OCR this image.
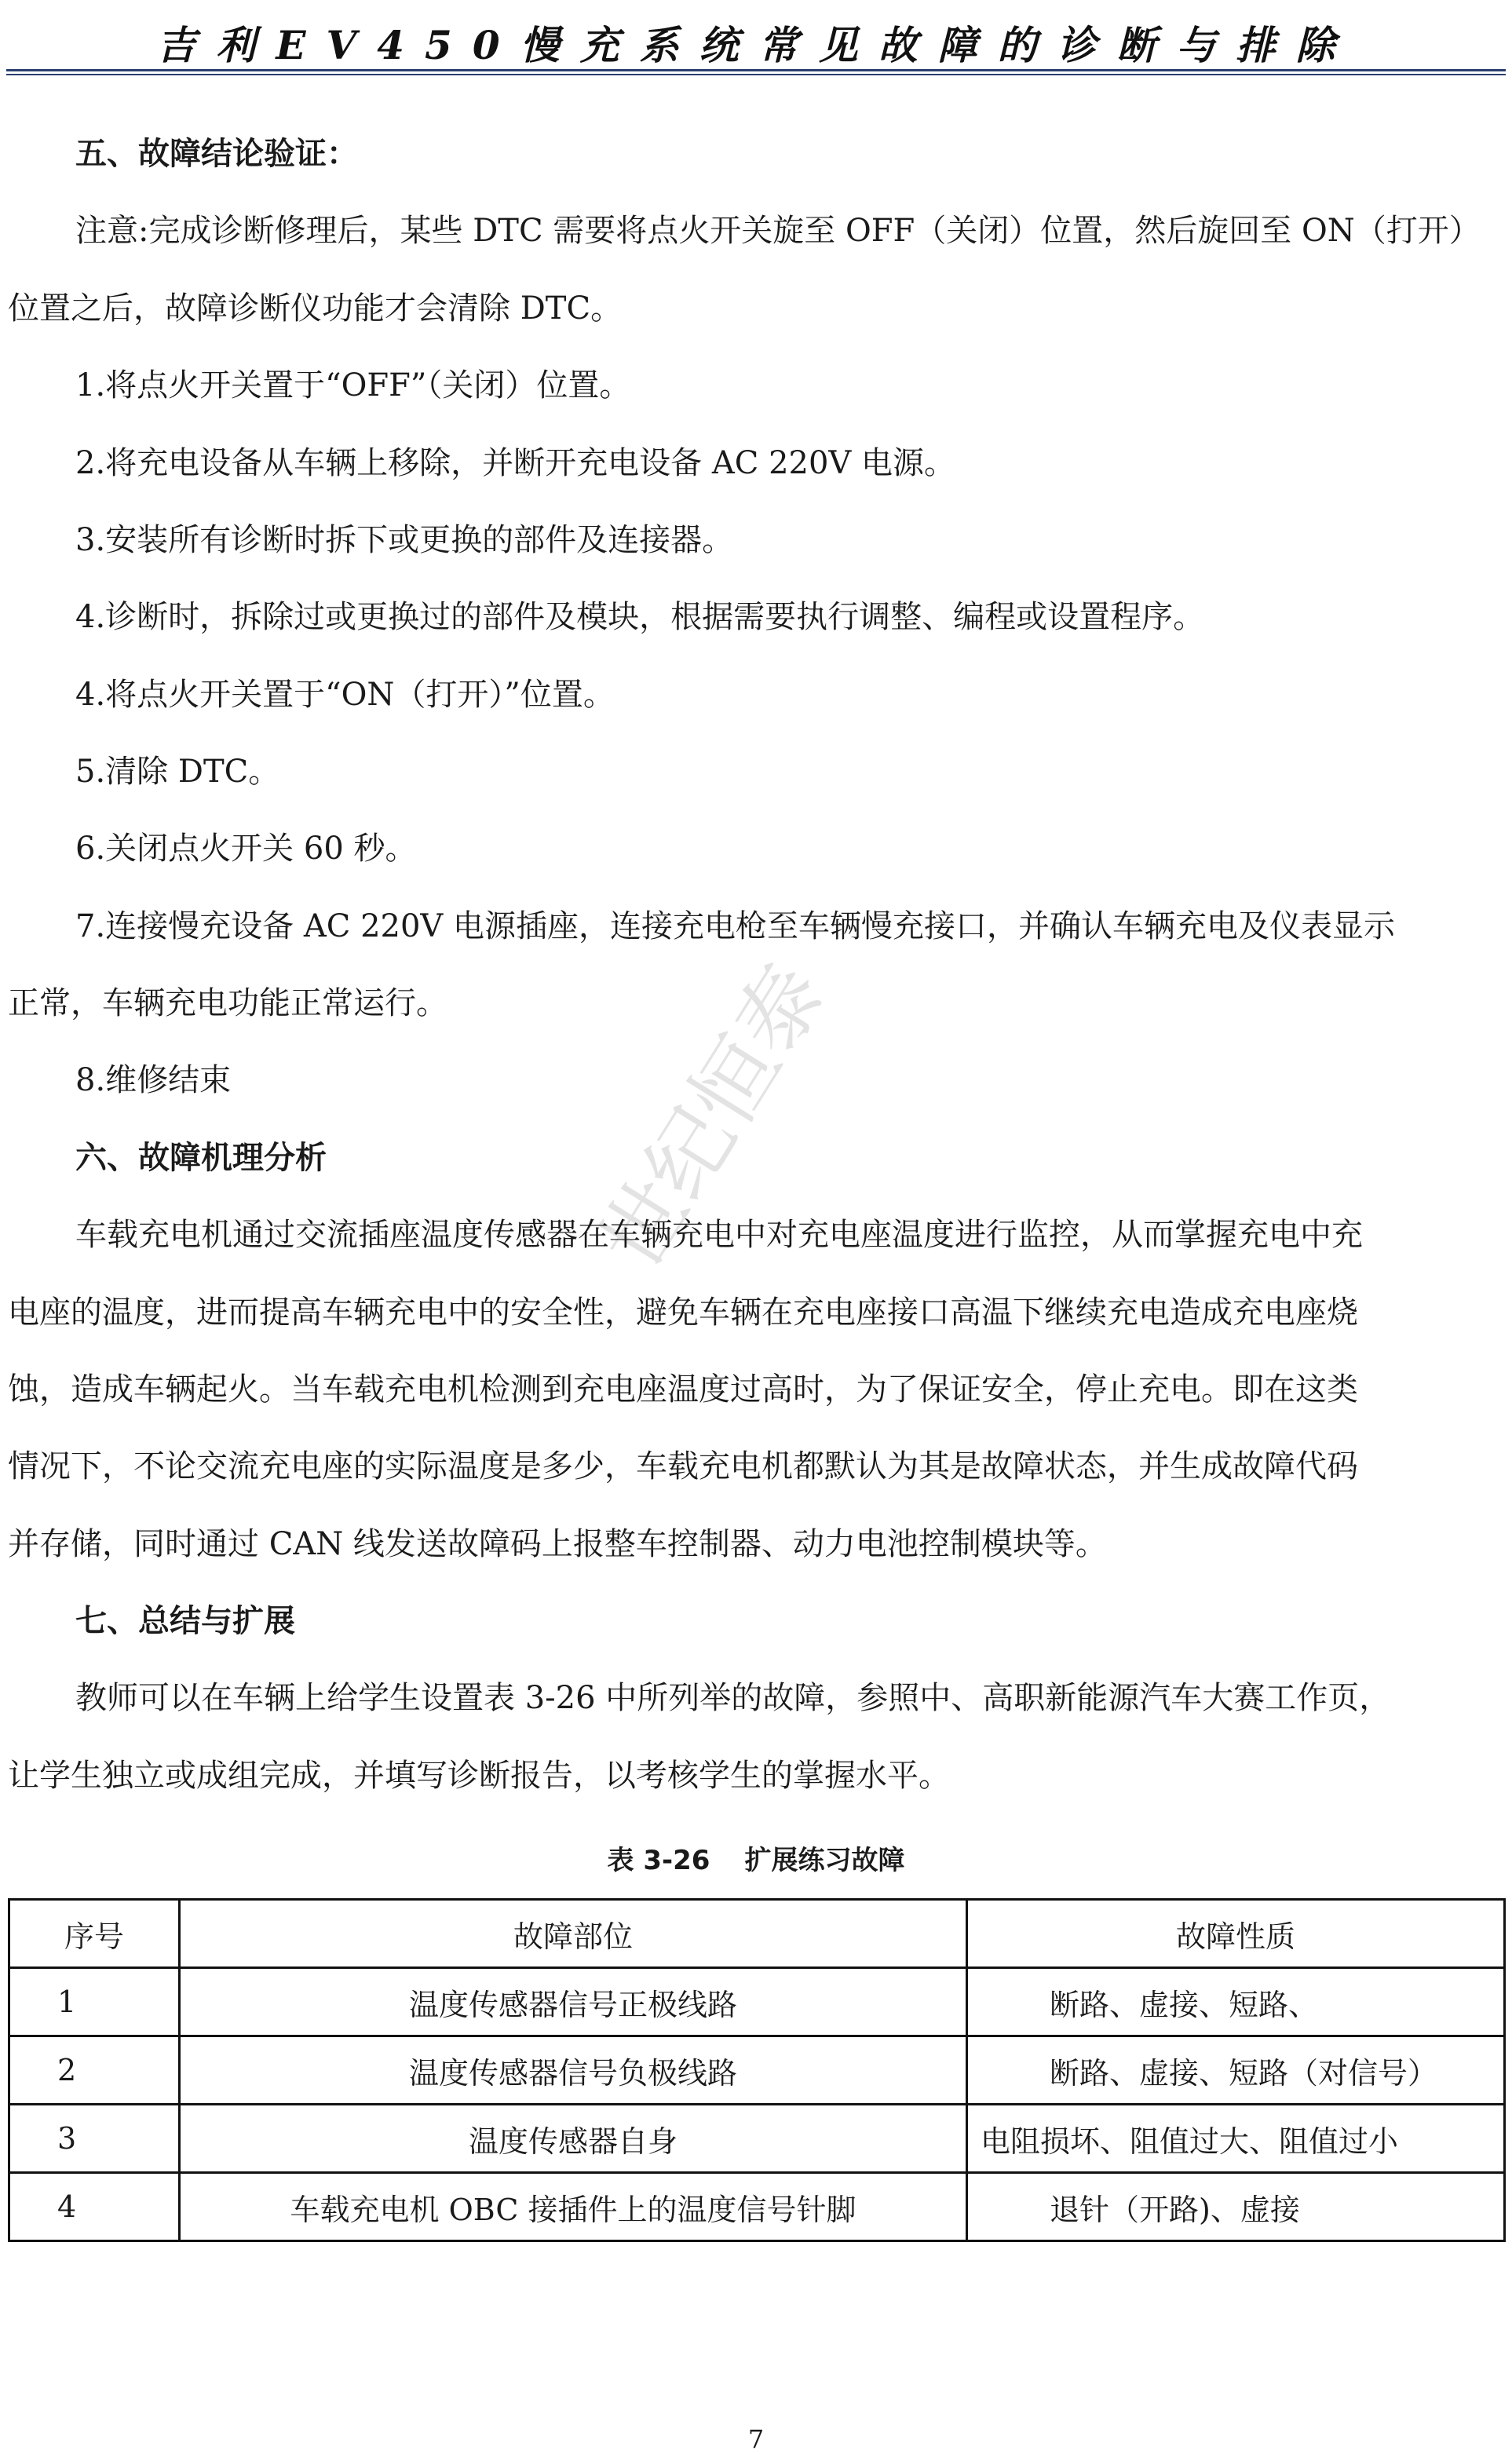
吉利EV450慢充系统常见故障的诊断与排除
世纪恒泰
五、故障结论验证：
注意:完成诊断修理后，某些 DTC 需要将点火开关旋至 OFF（关闭）位置，然后旋回至 ON（打开）
位置之后，故障诊断仪功能才会清除 DTC。
1.将点火开关置于“OFF”（关闭）位置。
2.将充电设备从车辆上移除，并断开充电设备 AC 220V 电源。
3.安装所有诊断时拆下或更换的部件及连接器。
4.诊断时，拆除过或更换过的部件及模块，根据需要执行调整、编程或设置程序。
4.将点火开关置于“ON（打开）”位置。
5.清除 DTC。
6.关闭点火开关 60 秒。
7.连接慢充设备 AC 220V 电源插座，连接充电枪至车辆慢充接口，并确认车辆充电及仪表显示
正常，车辆充电功能正常运行。
8.维修结束
六、故障机理分析
车载充电机通过交流插座温度传感器在车辆充电中对充电座温度进行监控，从而掌握充电中充
电座的温度，进而提高车辆充电中的安全性，避免车辆在充电座接口高温下继续充电造成充电座烧
蚀，造成车辆起火。当车载充电机检测到充电座温度过高时，为了保证安全，停止充电。即在这类
情况下，不论交流充电座的实际温度是多少，车载充电机都默认为其是故障状态，并生成故障代码
并存储，同时通过 CAN 线发送故障码上报整车控制器、动力电池控制模块等。
七、总结与扩展
教师可以在车辆上给学生设置表 3-26 中所列举的故障，参照中、高职新能源汽车大赛工作页，
让学生独立或成组完成，并填写诊断报告，以考核学生的掌握水平。
表 3-26 扩展练习故障
序号	故障部位	故障性质
1	温度传感器信号正极线路	断路、虚接、短路、
2	温度传感器信号负极线路	断路、虚接、短路（对信号）
3	温度传感器自身	电阻损坏、阻值过大、阻值过小
4	车载充电机 OBC 接插件上的温度信号针脚	退针（开路)、虚接
7
